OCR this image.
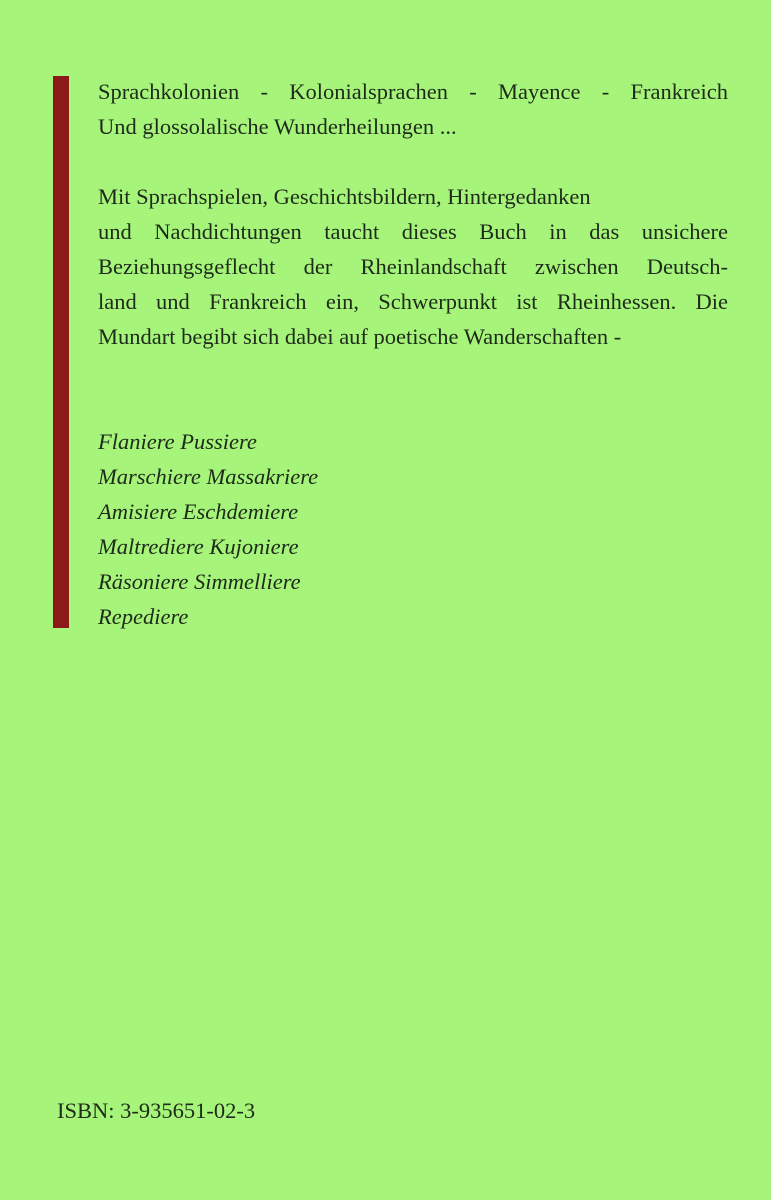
Sprachkolonien - Kolonialsprachen - Mayence - Frankreich
Und glossolalische Wunderheilungen ...
Mit Sprachspielen, Geschichtsbildern, Hintergedanken
und Nachdichtungen taucht dieses Buch in das unsichere
Beziehungsgeflecht der Rheinlandschaft zwischen Deutsch-
land und Frankreich ein, Schwerpunkt ist Rheinhessen. Die
Mundart begibt sich dabei auf poetische Wanderschaften -
Flaniere Pussiere
Marschiere Massakriere
Amisiere Eschdemiere
Maltrediere Kujoniere
Räsoniere Simmelliere
Repediere
ISBN: 3-935651-02-3
